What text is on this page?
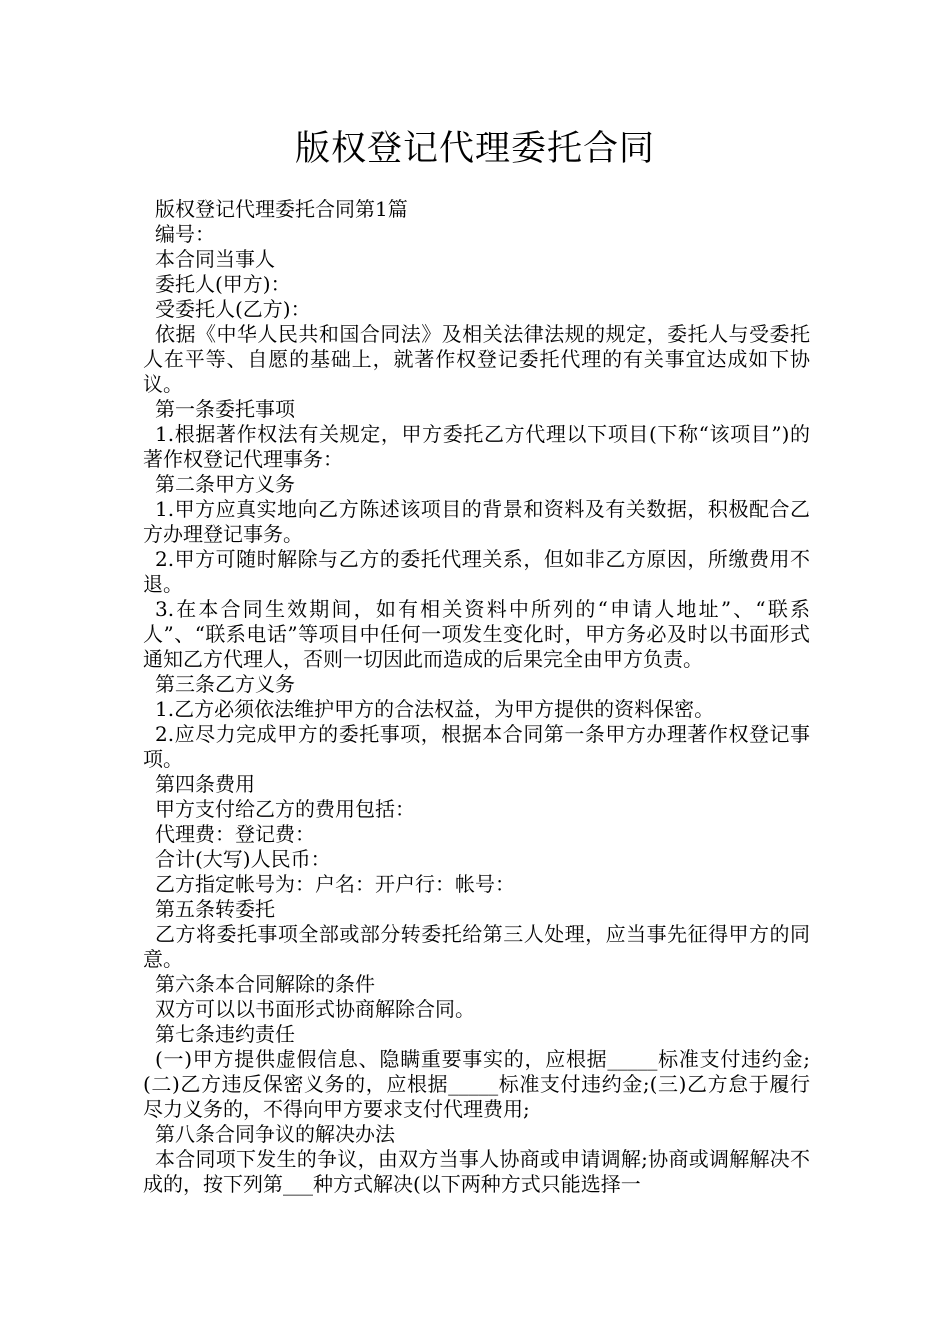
版权登记代理委托合同

版权登记代理委托合同第1篇

编号：

本合同当事人

委托人(甲方)：

受委托人(乙方)：

依据《中华人民共和国合同法》及相关法律法规的规定，委托人与受委托人在平等、自愿的基础上，就著作权登记委托代理的有关事宜达成如下协议。

第一条委托事项

1.根据著作权法有关规定，甲方委托乙方代理以下项目(下称“该项目”)的著作权登记代理事务：

第二条甲方义务

1.甲方应真实地向乙方陈述该项目的背景和资料及有关数据，积极配合乙方办理登记事务。

2.甲方可随时解除与乙方的委托代理关系，但如非乙方原因，所缴费用不退。

3.在本合同生效期间，如有相关资料中所列的“申请人地址”、“联系人”、“联系电话”等项目中任何一项发生变化时，甲方务必及时以书面形式通知乙方代理人，否则一切因此而造成的后果完全由甲方负责。

第三条乙方义务

1.乙方必须依法维护甲方的合法权益，为甲方提供的资料保密。

2.应尽力完成甲方的委托事项，根据本合同第一条甲方办理著作权登记事项。

第四条费用

甲方支付给乙方的费用包括：

代理费：登记费：

合计(大写)人民币：

乙方指定帐号为：户名：开户行：帐号：

第五条转委托

乙方将委托事项全部或部分转委托给第三人处理，应当事先征得甲方的同意。

第六条本合同解除的条件

双方可以以书面形式协商解除合同。

第七条违约责任

(一)甲方提供虚假信息、隐瞒重要事实的，应根据_____标准支付违约金;(二)乙方违反保密义务的，应根据_____标准支付违约金;(三)乙方怠于履行尽力义务的，不得向甲方要求支付代理费用;

第八条合同争议的解决办法

本合同项下发生的争议，由双方当事人协商或申请调解;协商或调解解决不成的，按下列第___种方式解决(以下两种方式只能选择一
